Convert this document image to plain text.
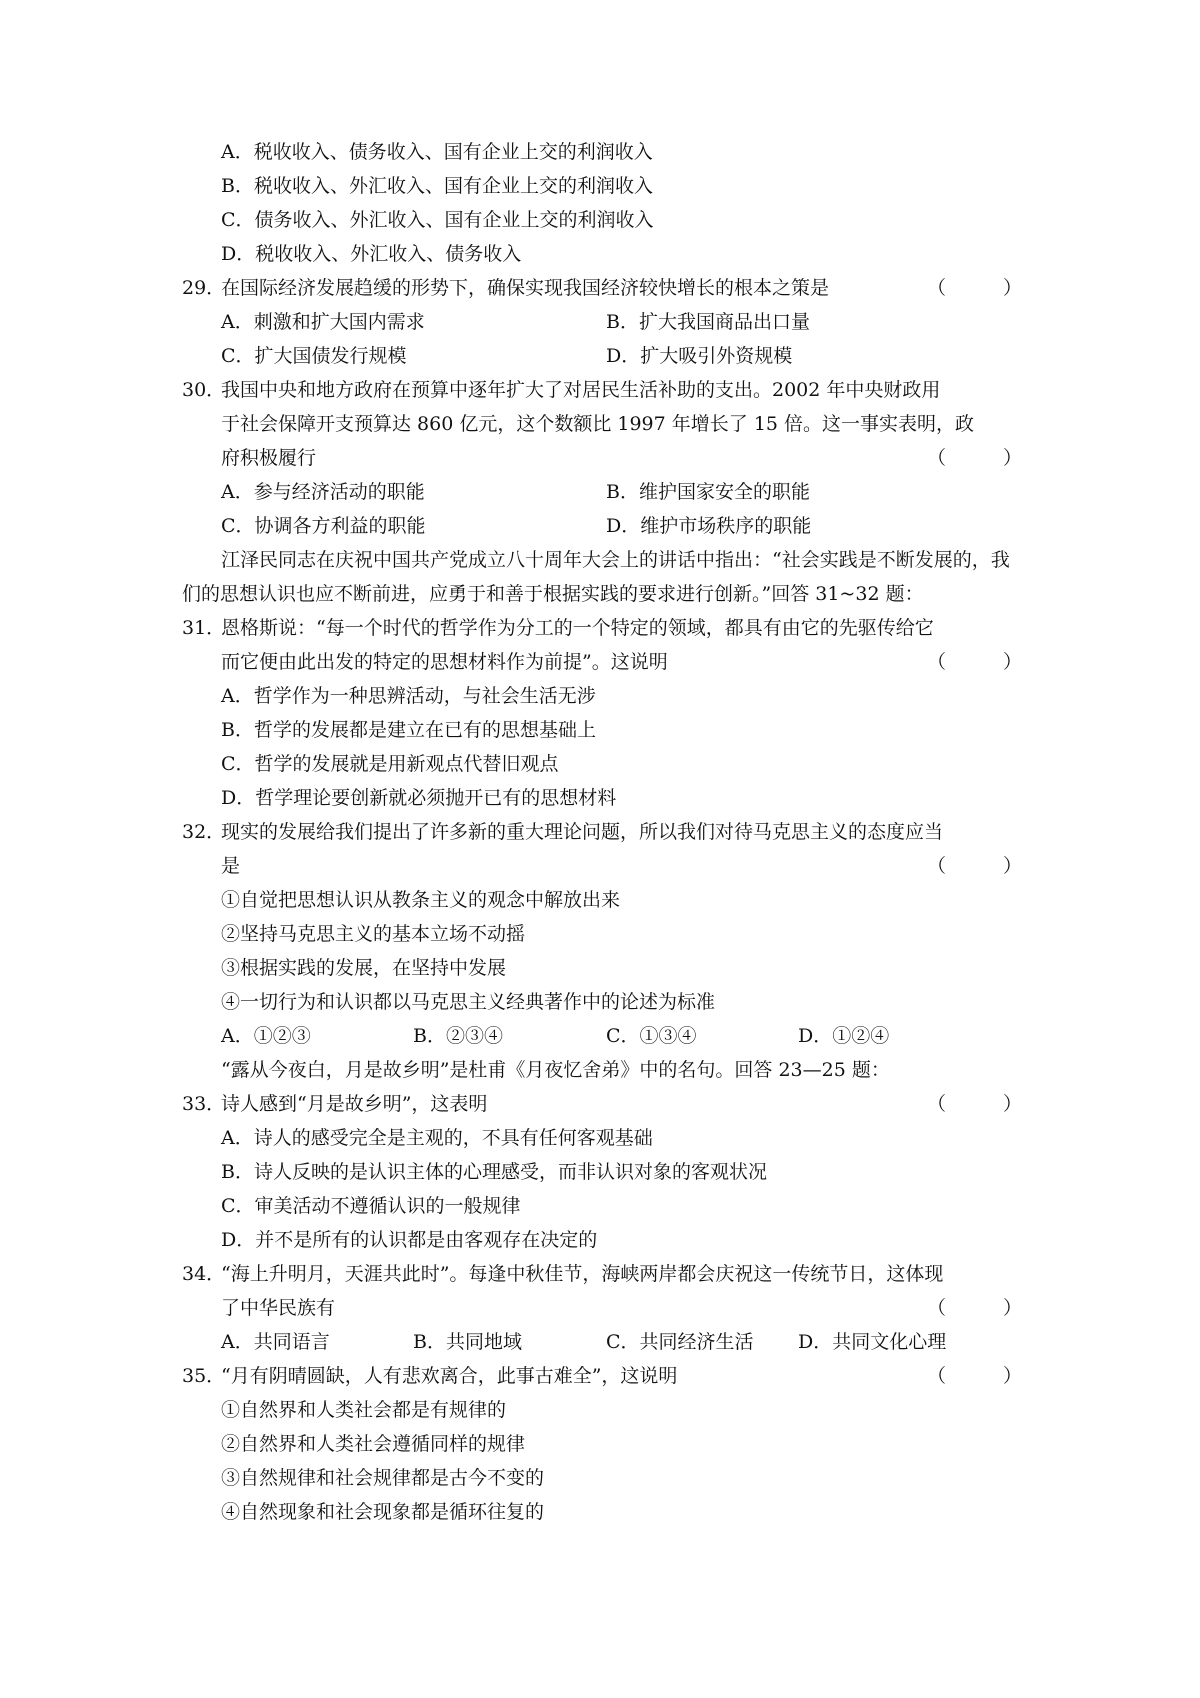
A．税收收入、债务收入、国有企业上交的利润收入
B．税收收入、外汇收入、国有企业上交的利润收入
C．债务收入、外汇收入、国有企业上交的利润收入
D．税收收入、外汇收入、债务收入
29．在国际经济发展趋缓的形势下，确保实现我国经济较快增长的根本之策是	（　　　）
A．刺激和扩大国内需求	B．扩大我国商品出口量
C．扩大国债发行规模	D．扩大吸引外资规模
30．我国中央和地方政府在预算中逐年扩大了对居民生活补助的支出。2002 年中央财政用
于社会保障开支预算达 860 亿元，这个数额比 1997 年增长了 15 倍。这一事实表明，政
府积极履行	（　　　）
A．参与经济活动的职能	B．维护国家安全的职能
C．协调各方利益的职能	D．维护市场秩序的职能
江泽民同志在庆祝中国共产党成立八十周年大会上的讲话中指出：“社会实践是不断发展的，我
们的思想认识也应不断前进，应勇于和善于根据实践的要求进行创新。”回答 31~32 题：
31．恩格斯说：“每一个时代的哲学作为分工的一个特定的领域，都具有由它的先驱传给它
而它便由此出发的特定的思想材料作为前提”。这说明	（　　　）
A．哲学作为一种思辨活动，与社会生活无涉
B．哲学的发展都是建立在已有的思想基础上
C．哲学的发展就是用新观点代替旧观点
D．哲学理论要创新就必须抛开已有的思想材料
32．现实的发展给我们提出了许多新的重大理论问题，所以我们对待马克思主义的态度应当
是	（　　　）
①自觉把思想认识从教条主义的观念中解放出来
②坚持马克思主义的基本立场不动摇
③根据实践的发展，在坚持中发展
④一切行为和认识都以马克思主义经典著作中的论述为标准
A．①②③	B．②③④	C．①③④	D．①②④
“露从今夜白，月是故乡明”是杜甫《月夜忆舍弟》中的名句。回答 23—25 题：
33．诗人感到“月是故乡明”，这表明	（　　　）
A．诗人的感受完全是主观的，不具有任何客观基础
B．诗人反映的是认识主体的心理感受，而非认识对象的客观状况
C．审美活动不遵循认识的一般规律
D．并不是所有的认识都是由客观存在决定的
34．“海上升明月，天涯共此时”。每逢中秋佳节，海峡两岸都会庆祝这一传统节日，这体现
了中华民族有	（　　　）
A．共同语言	B．共同地域	C．共同经济生活 D．共同文化心理
35．“月有阴晴圆缺，人有悲欢离合，此事古难全”，这说明	（　　　）
①自然界和人类社会都是有规律的
②自然界和人类社会遵循同样的规律
③自然规律和社会规律都是古今不变的
④自然现象和社会现象都是循环往复的
